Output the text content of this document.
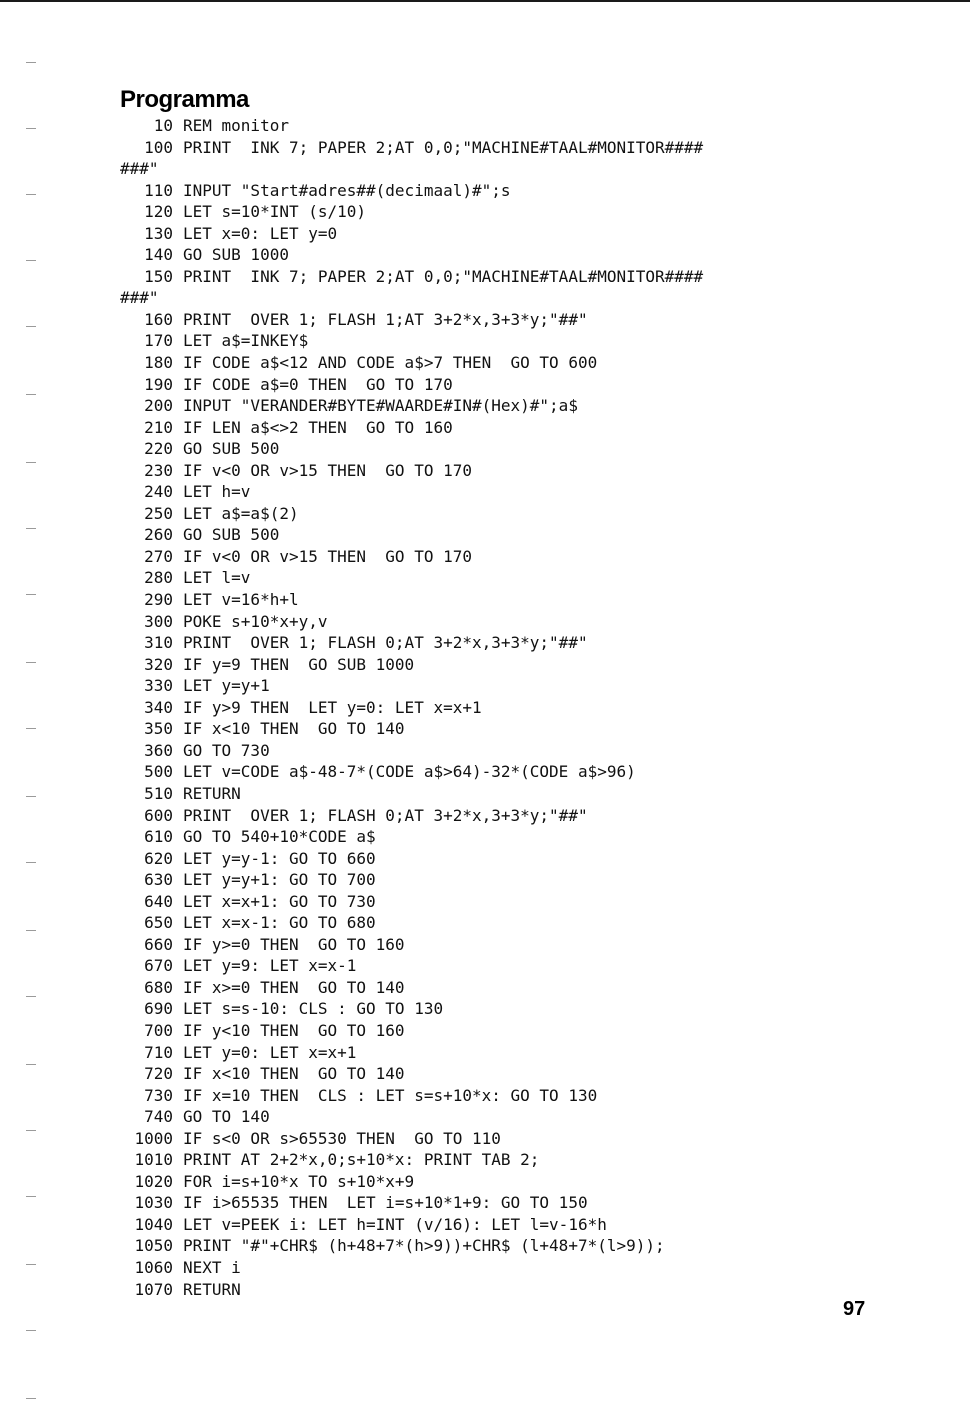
Programma
10 REM monitor
100 PRINT  INK 7; PAPER 2;AT 0,0;"MACHINE#TAAL#MONITOR####
###"
110 INPUT "Start#adres##(decimaal)#";s
120 LET s=10*INT (s/10)
130 LET x=0: LET y=0
140 GO SUB 1000
150 PRINT  INK 7; PAPER 2;AT 0,0;"MACHINE#TAAL#MONITOR####
###"
160 PRINT  OVER 1; FLASH 1;AT 3+2*x,3+3*y;"##"
170 LET a$=INKEY$
180 IF CODE a$<12 AND CODE a$>7 THEN  GO TO 600
190 IF CODE a$=0 THEN  GO TO 170
200 INPUT "VERANDER#BYTE#WAARDE#IN#(Hex)#";a$
210 IF LEN a$<>2 THEN  GO TO 160
220 GO SUB 500
230 IF v<0 OR v>15 THEN  GO TO 170
240 LET h=v
250 LET a$=a$(2)
260 GO SUB 500
270 IF v<0 OR v>15 THEN  GO TO 170
280 LET l=v
290 LET v=16*h+l
300 POKE s+10*x+y,v
310 PRINT  OVER 1; FLASH 0;AT 3+2*x,3+3*y;"##"
320 IF y=9 THEN  GO SUB 1000
330 LET y=y+1
340 IF y>9 THEN  LET y=0: LET x=x+1
350 IF x<10 THEN  GO TO 140
360 GO TO 730
500 LET v=CODE a$-48-7*(CODE a$>64)-32*(CODE a$>96)
510 RETURN
600 PRINT  OVER 1; FLASH 0;AT 3+2*x,3+3*y;"##"
610 GO TO 540+10*CODE a$
620 LET y=y-1: GO TO 660
630 LET y=y+1: GO TO 700
640 LET x=x+1: GO TO 730
650 LET x=x-1: GO TO 680
660 IF y>=0 THEN  GO TO 160
670 LET y=9: LET x=x-1
680 IF x>=0 THEN  GO TO 140
690 LET s=s-10: CLS : GO TO 130
700 IF y<10 THEN  GO TO 160
710 LET y=0: LET x=x+1
720 IF x<10 THEN  GO TO 140
730 IF x=10 THEN  CLS : LET s=s+10*x: GO TO 130
740 GO TO 140
1000 IF s<0 OR s>65530 THEN  GO TO 110
1010 PRINT AT 2+2*x,0;s+10*x: PRINT TAB 2;
1020 FOR i=s+10*x TO s+10*x+9
1030 IF i>65535 THEN  LET i=s+10*1+9: GO TO 150
1040 LET v=PEEK i: LET h=INT (v/16): LET l=v-16*h
1050 PRINT "#"+CHR$ (h+48+7*(h>9))+CHR$ (l+48+7*(l>9));
1060 NEXT i
1070 RETURN
97
